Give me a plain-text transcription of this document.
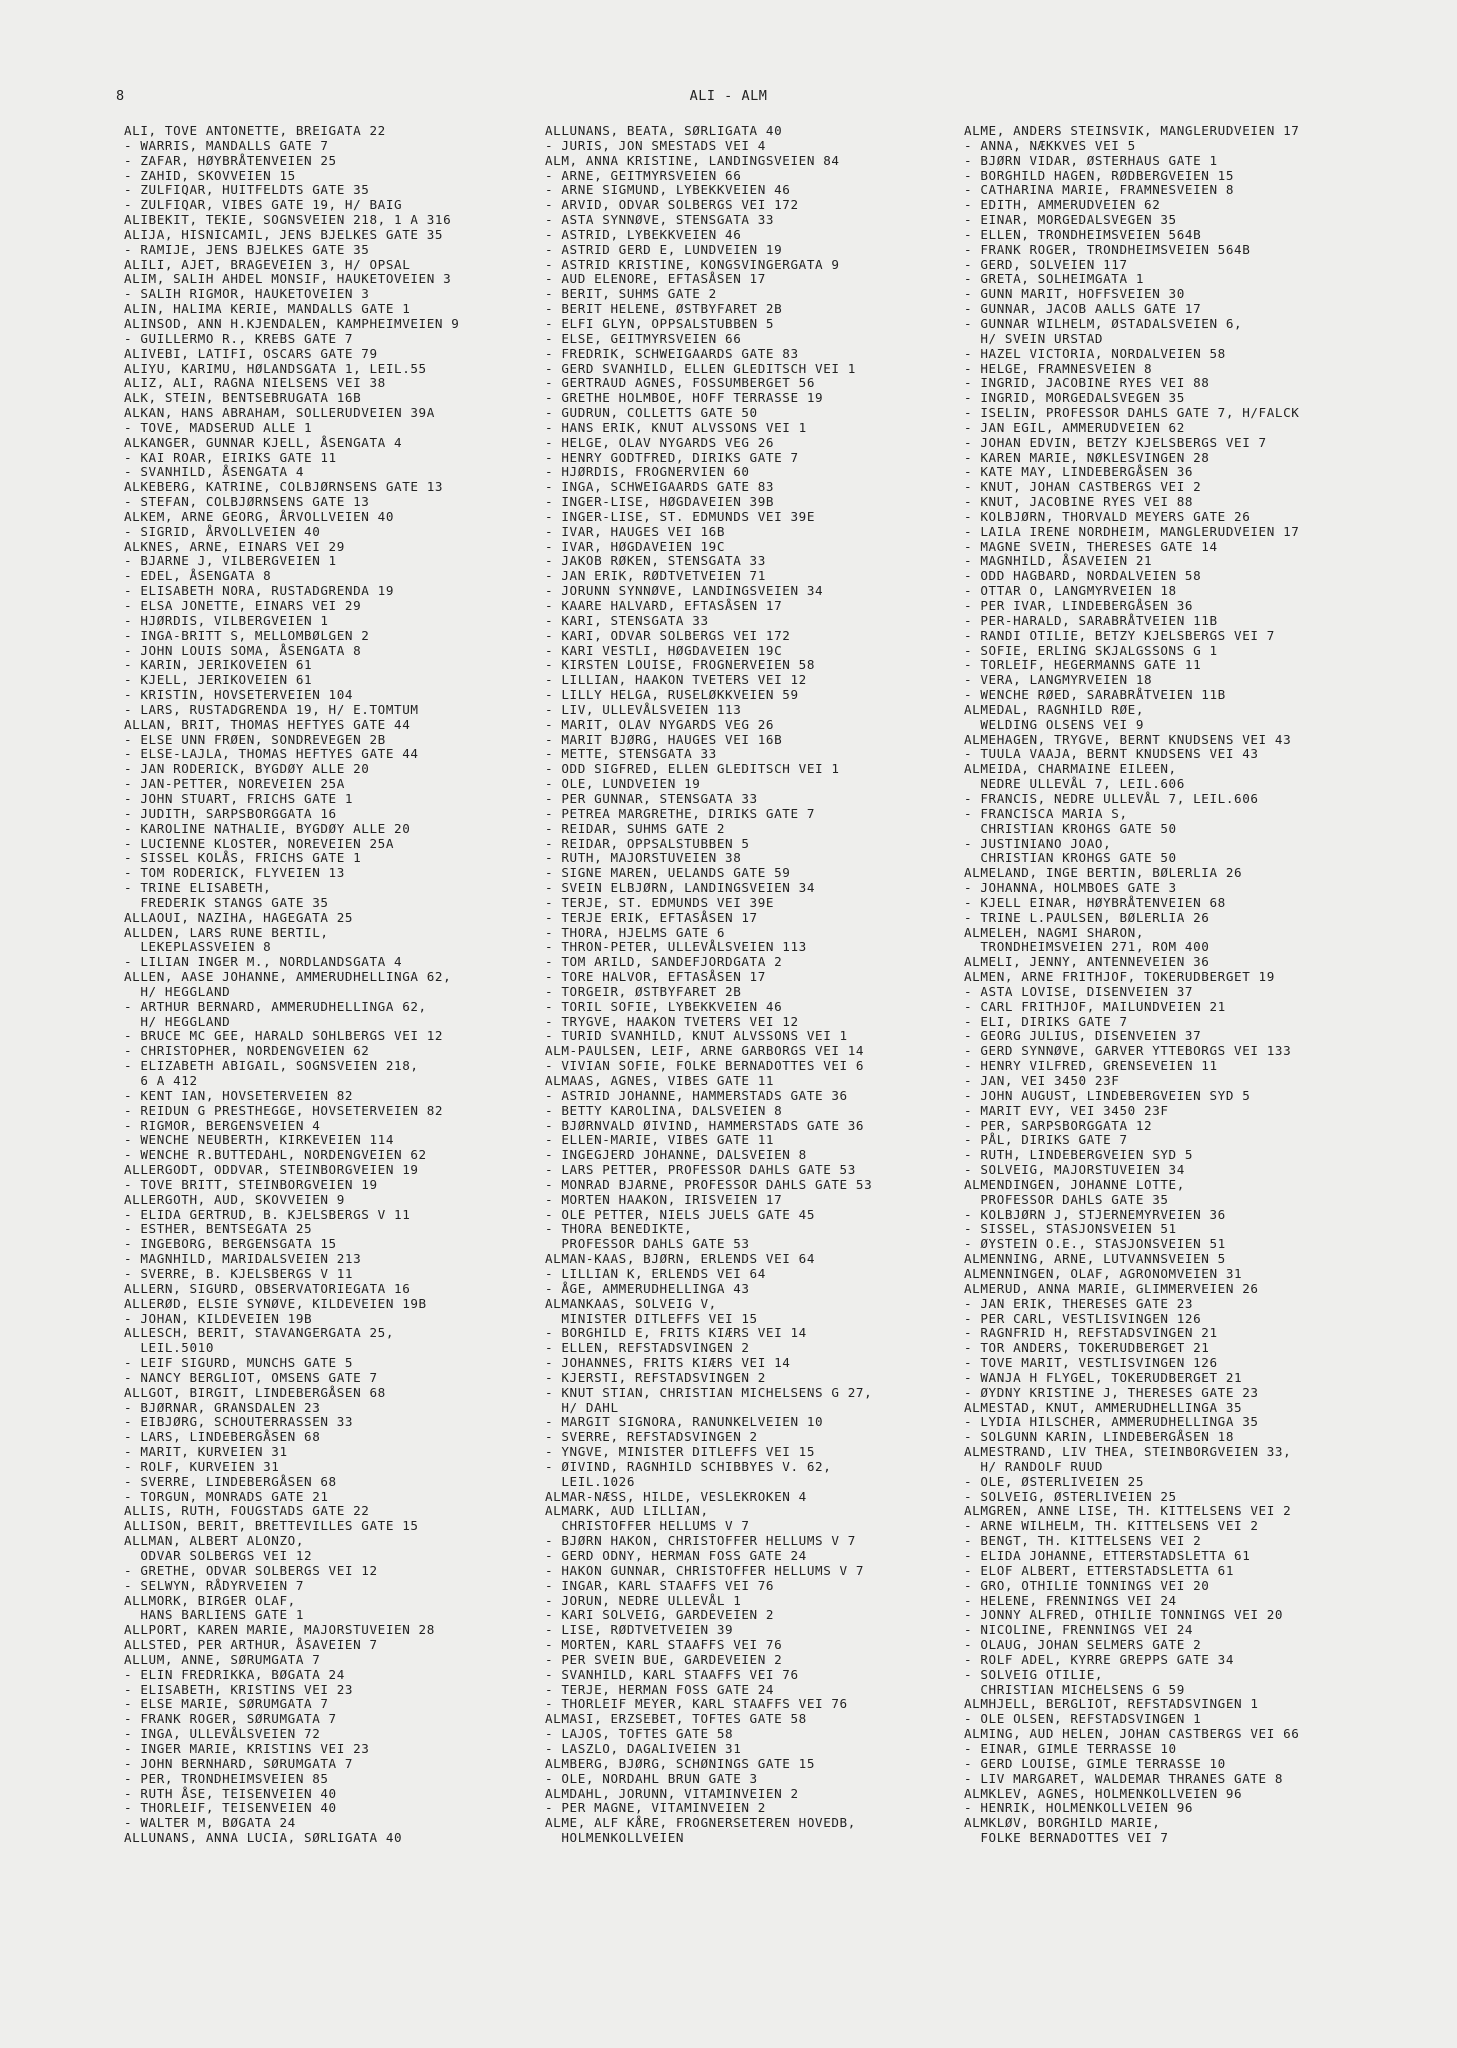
8	ALI - ALM
ALI, TOVE ANTONETTE, BREIGATA 22
- WARRIS, MANDALLS GATE 7
- ZAFAR, HØYBRÅTENVEIEN 25
- ZAHID, SKOVVEIEN 15
- ZULFIQAR, HUITFELDTS GATE 35
- ZULFIQAR, VIBES GATE 19, H/ BAIG
ALIBEKIT, TEKIE, SOGNSVEIEN 218, 1 A 316
ALIJA, HISNICAMIL, JENS BJELKES GATE 35
- RAMIJE, JENS BJELKES GATE 35
ALILI, AJET, BRAGEVEIEN 3, H/ OPSAL
ALIM, SALIH AHDEL MONSIF, HAUKETOVEIEN 3
- SALIH RIGMOR, HAUKETOVEIEN 3
ALIN, HALIMA KERIE, MANDALLS GATE 1
ALINSOD, ANN H.KJENDALEN, KAMPHEIMVEIEN 9
- GUILLERMO R., KREBS GATE 7
ALIVEBI, LATIFI, OSCARS GATE 79
ALIYU, KARIMU, HØLANDSGATA 1, LEIL.55
ALIZ, ALI, RAGNA NIELSENS VEI 38
ALK, STEIN, BENTSEBRUGATA 16B
ALKAN, HANS ABRAHAM, SOLLERUDVEIEN 39A
- TOVE, MADSERUD ALLE 1
ALKANGER, GUNNAR KJELL, ÅSENGATA 4
- KAI ROAR, EIRIKS GATE 11
- SVANHILD, ÅSENGATA 4
ALKEBERG, KATRINE, COLBJØRNSENS GATE 13
- STEFAN, COLBJØRNSENS GATE 13
ALKEM, ARNE GEORG, ÅRVOLLVEIEN 40
- SIGRID, ÅRVOLLVEIEN 40
ALKNES, ARNE, EINARS VEI 29
- BJARNE J, VILBERGVEIEN 1
- EDEL, ÅSENGATA 8
- ELISABETH NORA, RUSTADGRENDA 19
- ELSA JONETTE, EINARS VEI 29
- HJØRDIS, VILBERGVEIEN 1
- INGA-BRITT S, MELLOMBØLGEN 2
- JOHN LOUIS SOMA, ÅSENGATA 8
- KARIN, JERIKOVEIEN 61
- KJELL, JERIKOVEIEN 61
- KRISTIN, HOVSETERVEIEN 104
- LARS, RUSTADGRENDA 19, H/ E.TOMTUM
ALLAN, BRIT, THOMAS HEFTYES GATE 44
- ELSE UNN FRØEN, SONDREVEGEN 2B
- ELSE-LAJLA, THOMAS HEFTYES GATE 44
- JAN RODERICK, BYGDØY ALLE 20
- JAN-PETTER, NOREVEIEN 25A
- JOHN STUART, FRICHS GATE 1
- JUDITH, SARPSBORGGATA 16
- KAROLINE NATHALIE, BYGDØY ALLE 20
- LUCIENNE KLOSTER, NOREVEIEN 25A
- SISSEL KOLÅS, FRICHS GATE 1
- TOM RODERICK, FLYVEIEN 13
- TRINE ELISABETH,
FREDERIK STANGS GATE 35
ALLAOUI, NAZIHA, HAGEGATA 25
ALLDEN, LARS RUNE BERTIL,
LEKEPLASSVEIEN 8
- LILIAN INGER M., NORDLANDSGATA 4
ALLEN, AASE JOHANNE, AMMERUDHELLINGA 62,
H/ HEGGLAND
- ARTHUR BERNARD, AMMERUDHELLINGA 62,
H/ HEGGLAND
- BRUCE MC GEE, HARALD SOHLBERGS VEI 12
- CHRISTOPHER, NORDENGVEIEN 62
- ELIZABETH ABIGAIL, SOGNSVEIEN 218,
6 A 412
- KENT IAN, HOVSETERVEIEN 82
- REIDUN G PRESTHEGGE, HOVSETERVEIEN 82
- RIGMOR, BERGENSVEIEN 4
- WENCHE NEUBERTH, KIRKEVEIEN 114
- WENCHE R.BUTTEDAHL, NORDENGVEIEN 62
ALLERGODT, ODDVAR, STEINBORGVEIEN 19
- TOVE BRITT, STEINBORGVEIEN 19
ALLERGOTH, AUD, SKOVVEIEN 9
- ELIDA GERTRUD, B. KJELSBERGS V 11
- ESTHER, BENTSEGATA 25
- INGEBORG, BERGENSGATA 15
- MAGNHILD, MARIDALSVEIEN 213
- SVERRE, B. KJELSBERGS V 11
ALLERN, SIGURD, OBSERVATORIEGATA 16
ALLERØD, ELSIE SYNØVE, KILDEVEIEN 19B
- JOHAN, KILDEVEIEN 19B
ALLESCH, BERIT, STAVANGERGATA 25,
LEIL.5010
- LEIF SIGURD, MUNCHS GATE 5
- NANCY BERGLIOT, OMSENS GATE 7
ALLGOT, BIRGIT, LINDEBERGÅSEN 68
- BJØRNAR, GRANSDALEN 23
- EIBJØRG, SCHOUTERRASSEN 33
- LARS, LINDEBERGÅSEN 68
- MARIT, KURVEIEN 31
- ROLF, KURVEIEN 31
- SVERRE, LINDEBERGÅSEN 68
- TORGUN, MONRADS GATE 21
ALLIS, RUTH, FOUGSTADS GATE 22
ALLISON, BERIT, BRETTEVILLES GATE 15
ALLMAN, ALBERT ALONZO,
ODVAR SOLBERGS VEI 12
- GRETHE, ODVAR SOLBERGS VEI 12
- SELWYN, RÅDYRVEIEN 7
ALLMORK, BIRGER OLAF,
HANS BARLIENS GATE 1
ALLPORT, KAREN MARIE, MAJORSTUVEIEN 28
ALLSTED, PER ARTHUR, ÅSAVEIEN 7
ALLUM, ANNE, SØRUMGATA 7
- ELIN FREDRIKKA, BØGATA 24
- ELISABETH, KRISTINS VEI 23
- ELSE MARIE, SØRUMGATA 7
- FRANK ROGER, SØRUMGATA 7
- INGA, ULLEVÅLSVEIEN 72
- INGER MARIE, KRISTINS VEI 23
- JOHN BERNHARD, SØRUMGATA 7
- PER, TRONDHEIMSVEIEN 85
- RUTH ÅSE, TEISENVEIEN 40
- THORLEIF, TEISENVEIEN 40
- WALTER M, BØGATA 24
ALLUNANS, ANNA LUCIA, SØRLIGATA 40
ALLUNANS, BEATA, SØRLIGATA 40
- JURIS, JON SMESTADS VEI 4
ALM, ANNA KRISTINE, LANDINGSVEIEN 84
- ARNE, GEITMYRSVEIEN 66
- ARNE SIGMUND, LYBEKKVEIEN 46
- ARVID, ODVAR SOLBERGS VEI 172
- ASTA SYNNØVE, STENSGATA 33
- ASTRID, LYBEKKVEIEN 46
- ASTRID GERD E, LUNDVEIEN 19
- ASTRID KRISTINE, KONGSVINGERGATA 9
- AUD ELENORE, EFTASÅSEN 17
- BERIT, SUHMS GATE 2
- BERIT HELENE, ØSTBYFARET 2B
- ELFI GLYN, OPPSALSTUBBEN 5
- ELSE, GEITMYRSVEIEN 66
- FREDRIK, SCHWEIGAARDS GATE 83
- GERD SVANHILD, ELLEN GLEDITSCH VEI 1
- GERTRAUD AGNES, FOSSUMBERGET 56
- GRETHE HOLMBOE, HOFF TERRASSE 19
- GUDRUN, COLLETTS GATE 50
- HANS ERIK, KNUT ALVSSONS VEI 1
- HELGE, OLAV NYGARDS VEG 26
- HENRY GODTFRED, DIRIKS GATE 7
- HJØRDIS, FROGNERVIEN 60
- INGA, SCHWEIGAARDS GATE 83
- INGER-LISE, HØGDAVEIEN 39B
- INGER-LISE, ST. EDMUNDS VEI 39E
- IVAR, HAUGES VEI 16B
- IVAR, HØGDAVEIEN 19C
- JAKOB RØKEN, STENSGATA 33
- JAN ERIK, RØDTVETVEIEN 71
- JORUNN SYNNØVE, LANDINGSVEIEN 34
- KAARE HALVARD, EFTASÅSEN 17
- KARI, STENSGATA 33
- KARI, ODVAR SOLBERGS VEI 172
- KARI VESTLI, HØGDAVEIEN 19C
- KIRSTEN LOUISE, FROGNERVEIEN 58
- LILLIAN, HAAKON TVETERS VEI 12
- LILLY HELGA, RUSELØKKVEIEN 59
- LIV, ULLEVÅLSVEIEN 113
- MARIT, OLAV NYGARDS VEG 26
- MARIT BJØRG, HAUGES VEI 16B
- METTE, STENSGATA 33
- ODD SIGFRED, ELLEN GLEDITSCH VEI 1
- OLE, LUNDVEIEN 19
- PER GUNNAR, STENSGATA 33
- PETREA MARGRETHE, DIRIKS GATE 7
- REIDAR, SUHMS GATE 2
- REIDAR, OPPSALSTUBBEN 5
- RUTH, MAJORSTUVEIEN 38
- SIGNE MAREN, UELANDS GATE 59
- SVEIN ELBJØRN, LANDINGSVEIEN 34
- TERJE, ST. EDMUNDS VEI 39E
- TERJE ERIK, EFTASÅSEN 17
- THORA, HJELMS GATE 6
- THRON-PETER, ULLEVÅLSVEIEN 113
- TOM ARILD, SANDEFJORDGATA 2
- TORE HALVOR, EFTASÅSEN 17
- TORGEIR, ØSTBYFARET 2B
- TORIL SOFIE, LYBEKKVEIEN 46
- TRYGVE, HAAKON TVETERS VEI 12
- TURID SVANHILD, KNUT ALVSSONS VEI 1
ALM-PAULSEN, LEIF, ARNE GARBORGS VEI 14
- VIVIAN SOFIE, FOLKE BERNADOTTES VEI 6
ALMAAS, AGNES, VIBES GATE 11
- ASTRID JOHANNE, HAMMERSTADS GATE 36
- BETTY KAROLINA, DALSVEIEN 8
- BJØRNVALD ØIVIND, HAMMERSTADS GATE 36
- ELLEN-MARIE, VIBES GATE 11
- INGEGJERD JOHANNE, DALSVEIEN 8
- LARS PETTER, PROFESSOR DAHLS GATE 53
- MONRAD BJARNE, PROFESSOR DAHLS GATE 53
- MORTEN HAAKON, IRISVEIEN 17
- OLE PETTER, NIELS JUELS GATE 45
- THORA BENEDIKTE,
PROFESSOR DAHLS GATE 53
ALMAN-KAAS, BJØRN, ERLENDS VEI 64
- LILLIAN K, ERLENDS VEI 64
- ÅGE, AMMERUDHELLINGA 43
ALMANKAAS, SOLVEIG V,
MINISTER DITLEFFS VEI 15
- BORGHILD E, FRITS KIÆRS VEI 14
- ELLEN, REFSTADSVINGEN 2
- JOHANNES, FRITS KIÆRS VEI 14
- KJERSTI, REFSTADSVINGEN 2
- KNUT STIAN, CHRISTIAN MICHELSENS G 27,
H/ DAHL
- MARGIT SIGNORA, RANUNKELVEIEN 10
- SVERRE, REFSTADSVINGEN 2
- YNGVE, MINISTER DITLEFFS VEI 15
- ØIVIND, RAGNHILD SCHIBBYES V. 62,
LEIL.1026
ALMAR-NÆSS, HILDE, VESLEKROKEN 4
ALMARK, AUD LILLIAN,
CHRISTOFFER HELLUMS V 7
- BJØRN HAKON, CHRISTOFFER HELLUMS V 7
- GERD ODNY, HERMAN FOSS GATE 24
- HAKON GUNNAR, CHRISTOFFER HELLUMS V 7
- INGAR, KARL STAAFFS VEI 76
- JORUN, NEDRE ULLEVÅL 1
- KARI SOLVEIG, GARDEVEIEN 2
- LISE, RØDTVETVEIEN 39
- MORTEN, KARL STAAFFS VEI 76
- PER SVEIN BUE, GARDEVEIEN 2
- SVANHILD, KARL STAAFFS VEI 76
- TERJE, HERMAN FOSS GATE 24
- THORLEIF MEYER, KARL STAAFFS VEI 76
ALMASI, ERZSEBET, TOFTES GATE 58
- LAJOS, TOFTES GATE 58
- LASZLO, DAGALIVEIEN 31
ALMBERG, BJØRG, SCHØNINGS GATE 15
- OLE, NORDAHL BRUN GATE 3
ALMDAHL, JORUNN, VITAMINVEIEN 2
- PER MAGNE, VITAMINVEIEN 2
ALME, ALF KÅRE, FROGNERSETEREN HOVEDB,
HOLMENKOLLVEIEN
ALME, ANDERS STEINSVIK, MANGLERUDVEIEN 17
- ANNA, NÆKKVES VEI 5
- BJØRN VIDAR, ØSTERHAUS GATE 1
- BORGHILD HAGEN, RØDBERGVEIEN 15
- CATHARINA MARIE, FRAMNESVEIEN 8
- EDITH, AMMERUDVEIEN 62
- EINAR, MORGEDALSVEGEN 35
- ELLEN, TRONDHEIMSVEIEN 564B
- FRANK ROGER, TRONDHEIMSVEIEN 564B
- GERD, SOLVEIEN 117
- GRETA, SOLHEIMGATA 1
- GUNN MARIT, HOFFSVEIEN 30
- GUNNAR, JACOB AALLS GATE 17
- GUNNAR WILHELM, ØSTADALSVEIEN 6,
H/ SVEIN URSTAD
- HAZEL VICTORIA, NORDALVEIEN 58
- HELGE, FRAMNESVEIEN 8
- INGRID, JACOBINE RYES VEI 88
- INGRID, MORGEDALSVEGEN 35
- ISELIN, PROFESSOR DAHLS GATE 7, H/FALCK
- JAN EGIL, AMMERUDVEIEN 62
- JOHAN EDVIN, BETZY KJELSBERGS VEI 7
- KAREN MARIE, NØKLESVINGEN 28
- KATE MAY, LINDEBERGÅSEN 36
- KNUT, JOHAN CASTBERGS VEI 2
- KNUT, JACOBINE RYES VEI 88
- KOLBJØRN, THORVALD MEYERS GATE 26
- LAILA IRENE NORDHEIM, MANGLERUDVEIEN 17
- MAGNE SVEIN, THERESES GATE 14
- MAGNHILD, ÅSAVEIEN 21
- ODD HAGBARD, NORDALVEIEN 58
- OTTAR O, LANGMYRVEIEN 18
- PER IVAR, LINDEBERGÅSEN 36
- PER-HARALD, SARABRÅTVEIEN 11B
- RANDI OTILIE, BETZY KJELSBERGS VEI 7
- SOFIE, ERLING SKJALGSSONS G 1
- TORLEIF, HEGERMANNS GATE 11
- VERA, LANGMYRVEIEN 18
- WENCHE RØED, SARABRÅTVEIEN 11B
ALMEDAL, RAGNHILD RØE,
WELDING OLSENS VEI 9
ALMEHAGEN, TRYGVE, BERNT KNUDSENS VEI 43
- TUULA VAAJA, BERNT KNUDSENS VEI 43
ALMEIDA, CHARMAINE EILEEN,
NEDRE ULLEVÅL 7, LEIL.606
- FRANCIS, NEDRE ULLEVÅL 7, LEIL.606
- FRANCISCA MARIA S,
CHRISTIAN KROHGS GATE 50
- JUSTINIANO JOAO,
CHRISTIAN KROHGS GATE 50
ALMELAND, INGE BERTIN, BØLERLIA 26
- JOHANNA, HOLMBOES GATE 3
- KJELL EINAR, HØYBRÅTENVEIEN 68
- TRINE L.PAULSEN, BØLERLIA 26
ALMELEH, NAGMI SHARON,
TRONDHEIMSVEIEN 271, ROM 400
ALMELI, JENNY, ANTENNEVEIEN 36
ALMEN, ARNE FRITHJOF, TOKERUDBERGET 19
- ASTA LOVISE, DISENVEIEN 37
- CARL FRITHJOF, MAILUNDVEIEN 21
- ELI, DIRIKS GATE 7
- GEORG JULIUS, DISENVEIEN 37
- GERD SYNNØVE, GARVER YTTEBORGS VEI 133
- HENRY VILFRED, GRENSEVEIEN 11
- JAN, VEI 3450 23F
- JOHN AUGUST, LINDEBERGVEIEN SYD 5
- MARIT EVY, VEI 3450 23F
- PER, SARPSBORGGATA 12
- PÅL, DIRIKS GATE 7
- RUTH, LINDEBERGVEIEN SYD 5
- SOLVEIG, MAJORSTUVEIEN 34
ALMENDINGEN, JOHANNE LOTTE,
PROFESSOR DAHLS GATE 35
- KOLBJØRN J, STJERNEMYRVEIEN 36
- SISSEL, STASJONSVEIEN 51
- ØYSTEIN O.E., STASJONSVEIEN 51
ALMENNING, ARNE, LUTVANNSVEIEN 5
ALMENNINGEN, OLAF, AGRONOMVEIEN 31
ALMERUD, ANNA MARIE, GLIMMERVEIEN 26
- JAN ERIK, THERESES GATE 23
- PER CARL, VESTLISVINGEN 126
- RAGNFRID H, REFSTADSVINGEN 21
- TOR ANDERS, TOKERUDBERGET 21
- TOVE MARIT, VESTLISVINGEN 126
- WANJA H FLYGEL, TOKERUDBERGET 21
- ØYDNY KRISTINE J, THERESES GATE 23
ALMESTAD, KNUT, AMMERUDHELLINGA 35
- LYDIA HILSCHER, AMMERUDHELLINGA 35
- SOLGUNN KARIN, LINDEBERGÅSEN 18
ALMESTRAND, LIV THEA, STEINBORGVEIEN 33,
H/ RANDOLF RUUD
- OLE, ØSTERLIVEIEN 25
- SOLVEIG, ØSTERLIVEIEN 25
ALMGREN, ANNE LISE, TH. KITTELSENS VEI 2
- ARNE WILHELM, TH. KITTELSENS VEI 2
- BENGT, TH. KITTELSENS VEI 2
- ELIDA JOHANNE, ETTERSTADSLETTA 61
- ELOF ALBERT, ETTERSTADSLETTA 61
- GRO, OTHILIE TONNINGS VEI 20
- HELENE, FRENNINGS VEI 24
- JONNY ALFRED, OTHILIE TONNINGS VEI 20
- NICOLINE, FRENNINGS VEI 24
- OLAUG, JOHAN SELMERS GATE 2
- ROLF ADEL, KYRRE GREPPS GATE 34
- SOLVEIG OTILIE,
CHRISTIAN MICHELSENS G 59
ALMHJELL, BERGLIOT, REFSTADSVINGEN 1
- OLE OLSEN, REFSTADSVINGEN 1
ALMING, AUD HELEN, JOHAN CASTBERGS VEI 66
- EINAR, GIMLE TERRASSE 10
- GERD LOUISE, GIMLE TERRASSE 10
- LIV MARGARET, WALDEMAR THRANES GATE 8
ALMKLEV, AGNES, HOLMENKOLLVEIEN 96
- HENRIK, HOLMENKOLLVEIEN 96
ALMKLØV, BORGHILD MARIE,
FOLKE BERNADOTTES VEI 7
